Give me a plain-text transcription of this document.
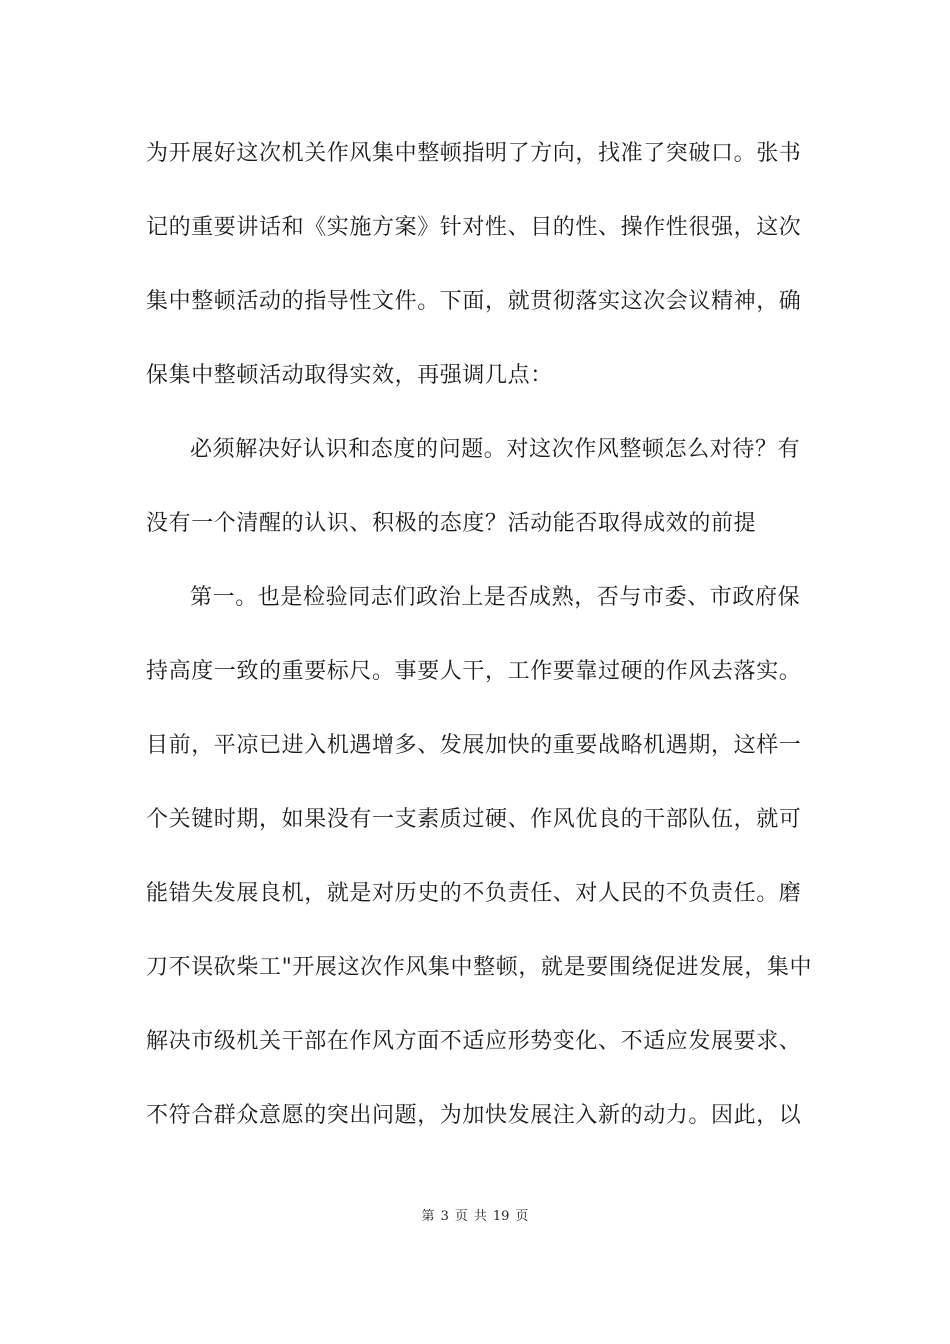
为开展好这次机关作风集中整顿指明了方向，找准了突破口。张书
记的重要讲话和《实施方案》针对性、目的性、操作性很强，这次
集中整顿活动的指导性文件。下面，就贯彻落实这次会议精神，确
保集中整顿活动取得实效，再强调几点：
必须解决好认识和态度的问题。对这次作风整顿怎么对待？有
没有一个清醒的认识、积极的态度？活动能否取得成效的前提
第一。也是检验同志们政治上是否成熟，否与市委、市政府保
持高度一致的重要标尺。事要人干，工作要靠过硬的作风去落实。
目前，平凉已进入机遇增多、发展加快的重要战略机遇期，这样一
个关键时期，如果没有一支素质过硬、作风优良的干部队伍，就可
能错失发展良机，就是对历史的不负责任、对人民的不负责任。磨
刀不误砍柴工"开展这次作风集中整顿，就是要围绕促进发展，集中
解决市级机关干部在作风方面不适应形势变化、不适应发展要求、
不符合群众意愿的突出问题，为加快发展注入新的动力。因此，以
第 3 页 共 19 页
